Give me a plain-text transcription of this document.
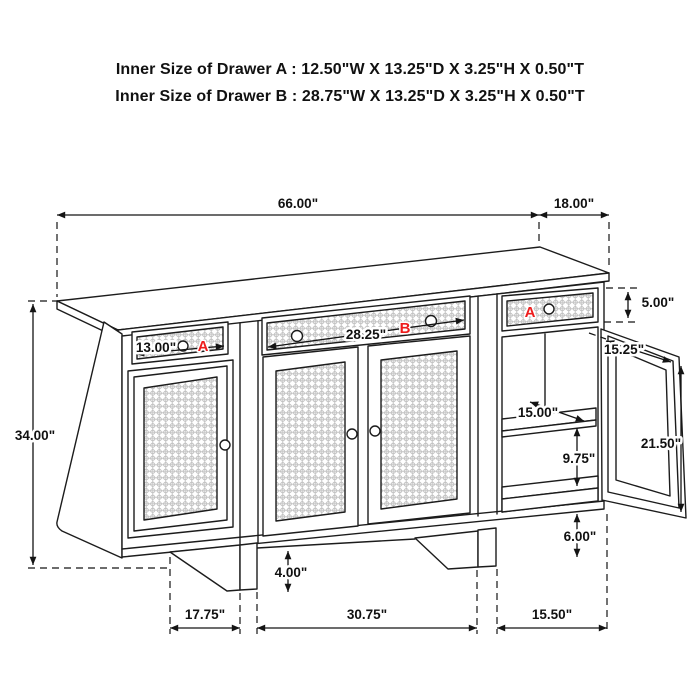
Inner Size of Drawer A : 12.50"W X 13.25"D X 3.25"H X 0.50"T
Inner Size of Drawer B : 28.75"W X 13.25"D X 3.25"H X 0.50"T
66.00"	18.00"
5.00"
13.00"
28.25"
34.00"
15.25"
21.50"
15.00"
9.75"
6.00"
4.00"
17.75"	30.75"	15.50"
A
B
A
